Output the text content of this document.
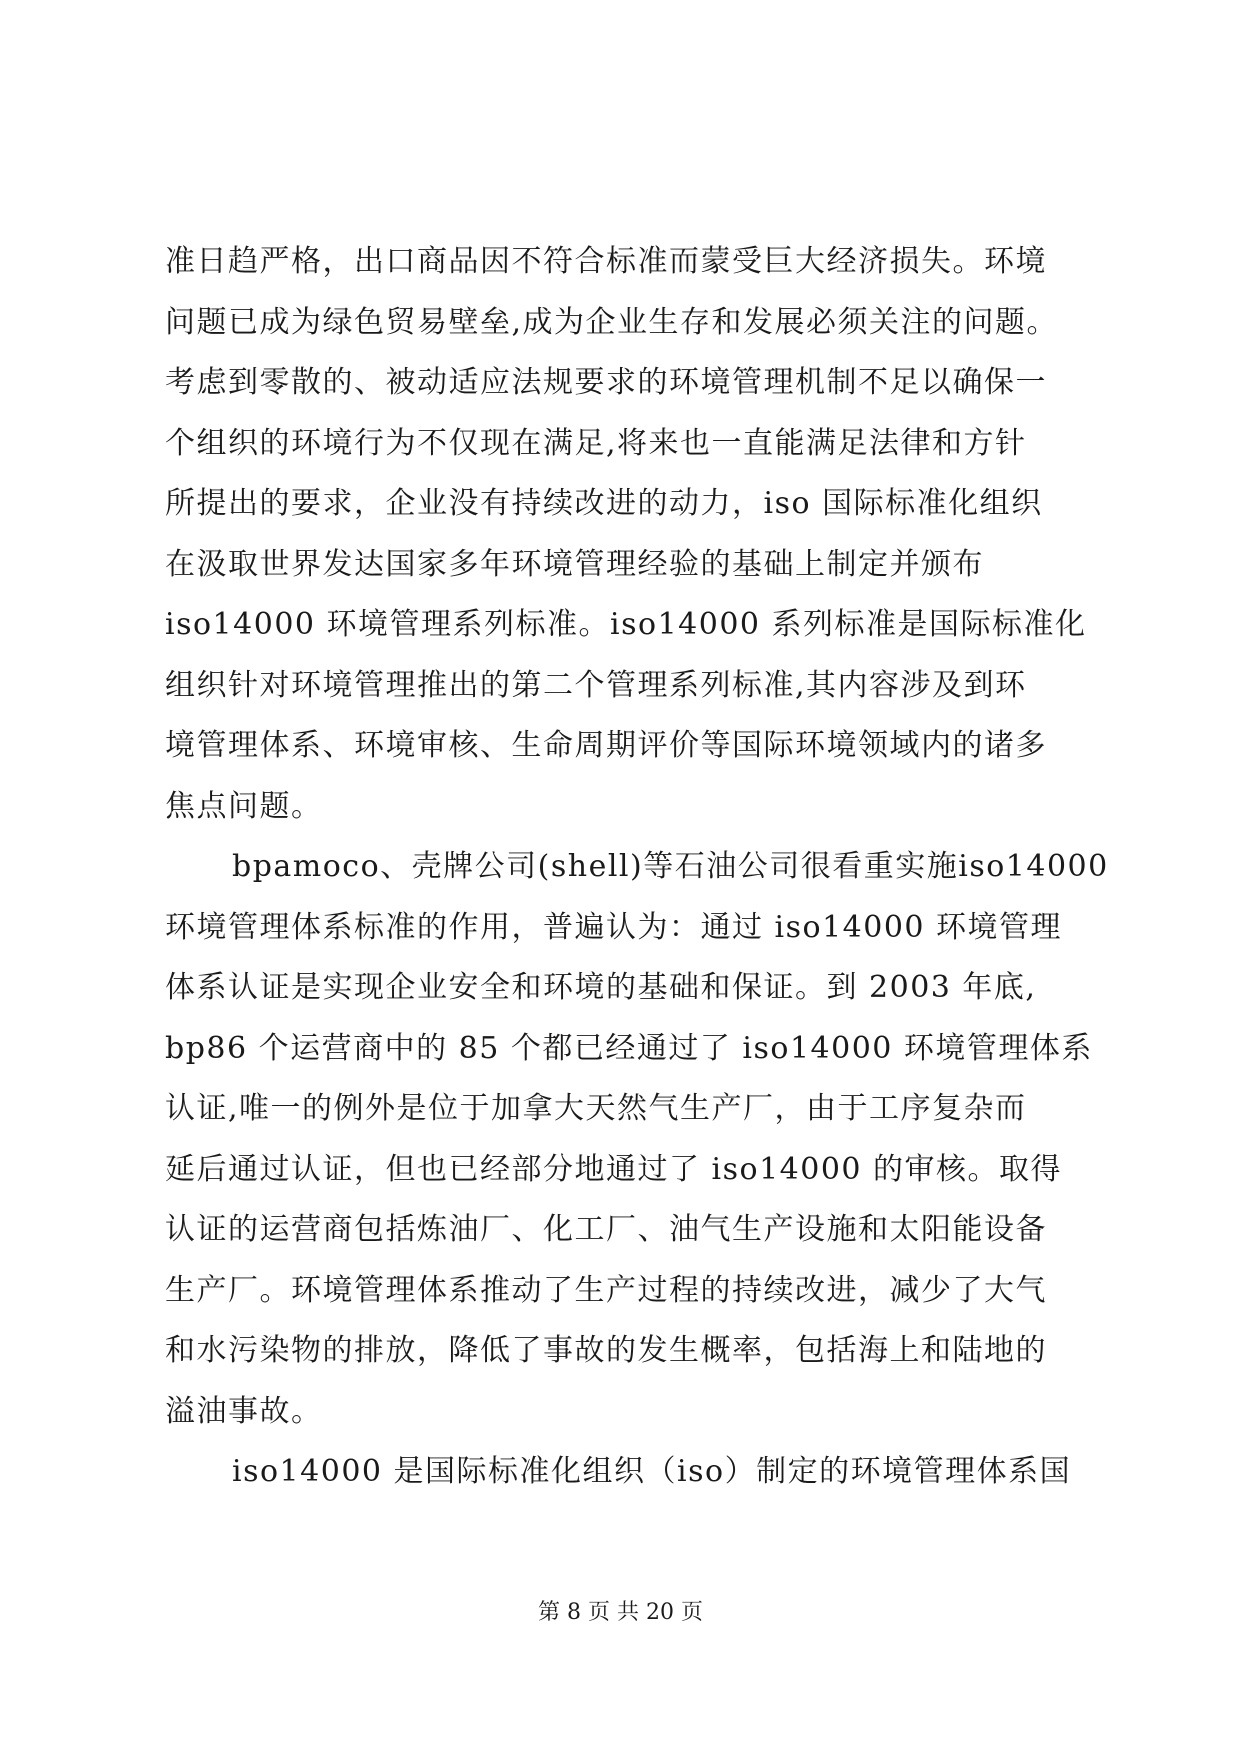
准日趋严格，出口商品因不符合标准而蒙受巨大经济损失。环境
问题已成为绿色贸易壁垒,成为企业生存和发展必须关注的问题。
考虑到零散的、被动适应法规要求的环境管理机制不足以确保一
个组织的环境行为不仅现在满足,将来也一直能满足法律和方针
所提出的要求，企业没有持续改进的动力，iso 国际标准化组织
在汲取世界发达国家多年环境管理经验的基础上制定并颁布
iso14000 环境管理系列标准。iso14000 系列标准是国际标准化
组织针对环境管理推出的第二个管理系列标准,其内容涉及到环
境管理体系、环境审核、生命周期评价等国际环境领域内的诸多
焦点问题。
bpamoco、壳牌公司(shell)等石油公司很看重实施iso14000
环境管理体系标准的作用，普遍认为：通过 iso14000 环境管理
体系认证是实现企业安全和环境的基础和保证。到 2003 年底,
bp86 个运营商中的 85 个都已经通过了 iso14000 环境管理体系
认证,唯一的例外是位于加拿大天然气生产厂，由于工序复杂而
延后通过认证，但也已经部分地通过了 iso14000 的审核。取得
认证的运营商包括炼油厂、化工厂、油气生产设施和太阳能设备
生产厂。环境管理体系推动了生产过程的持续改进，减少了大气
和水污染物的排放，降低了事故的发生概率，包括海上和陆地的
溢油事故。
iso14000 是国际标准化组织（iso）制定的环境管理体系国
第 8 页 共 20 页
